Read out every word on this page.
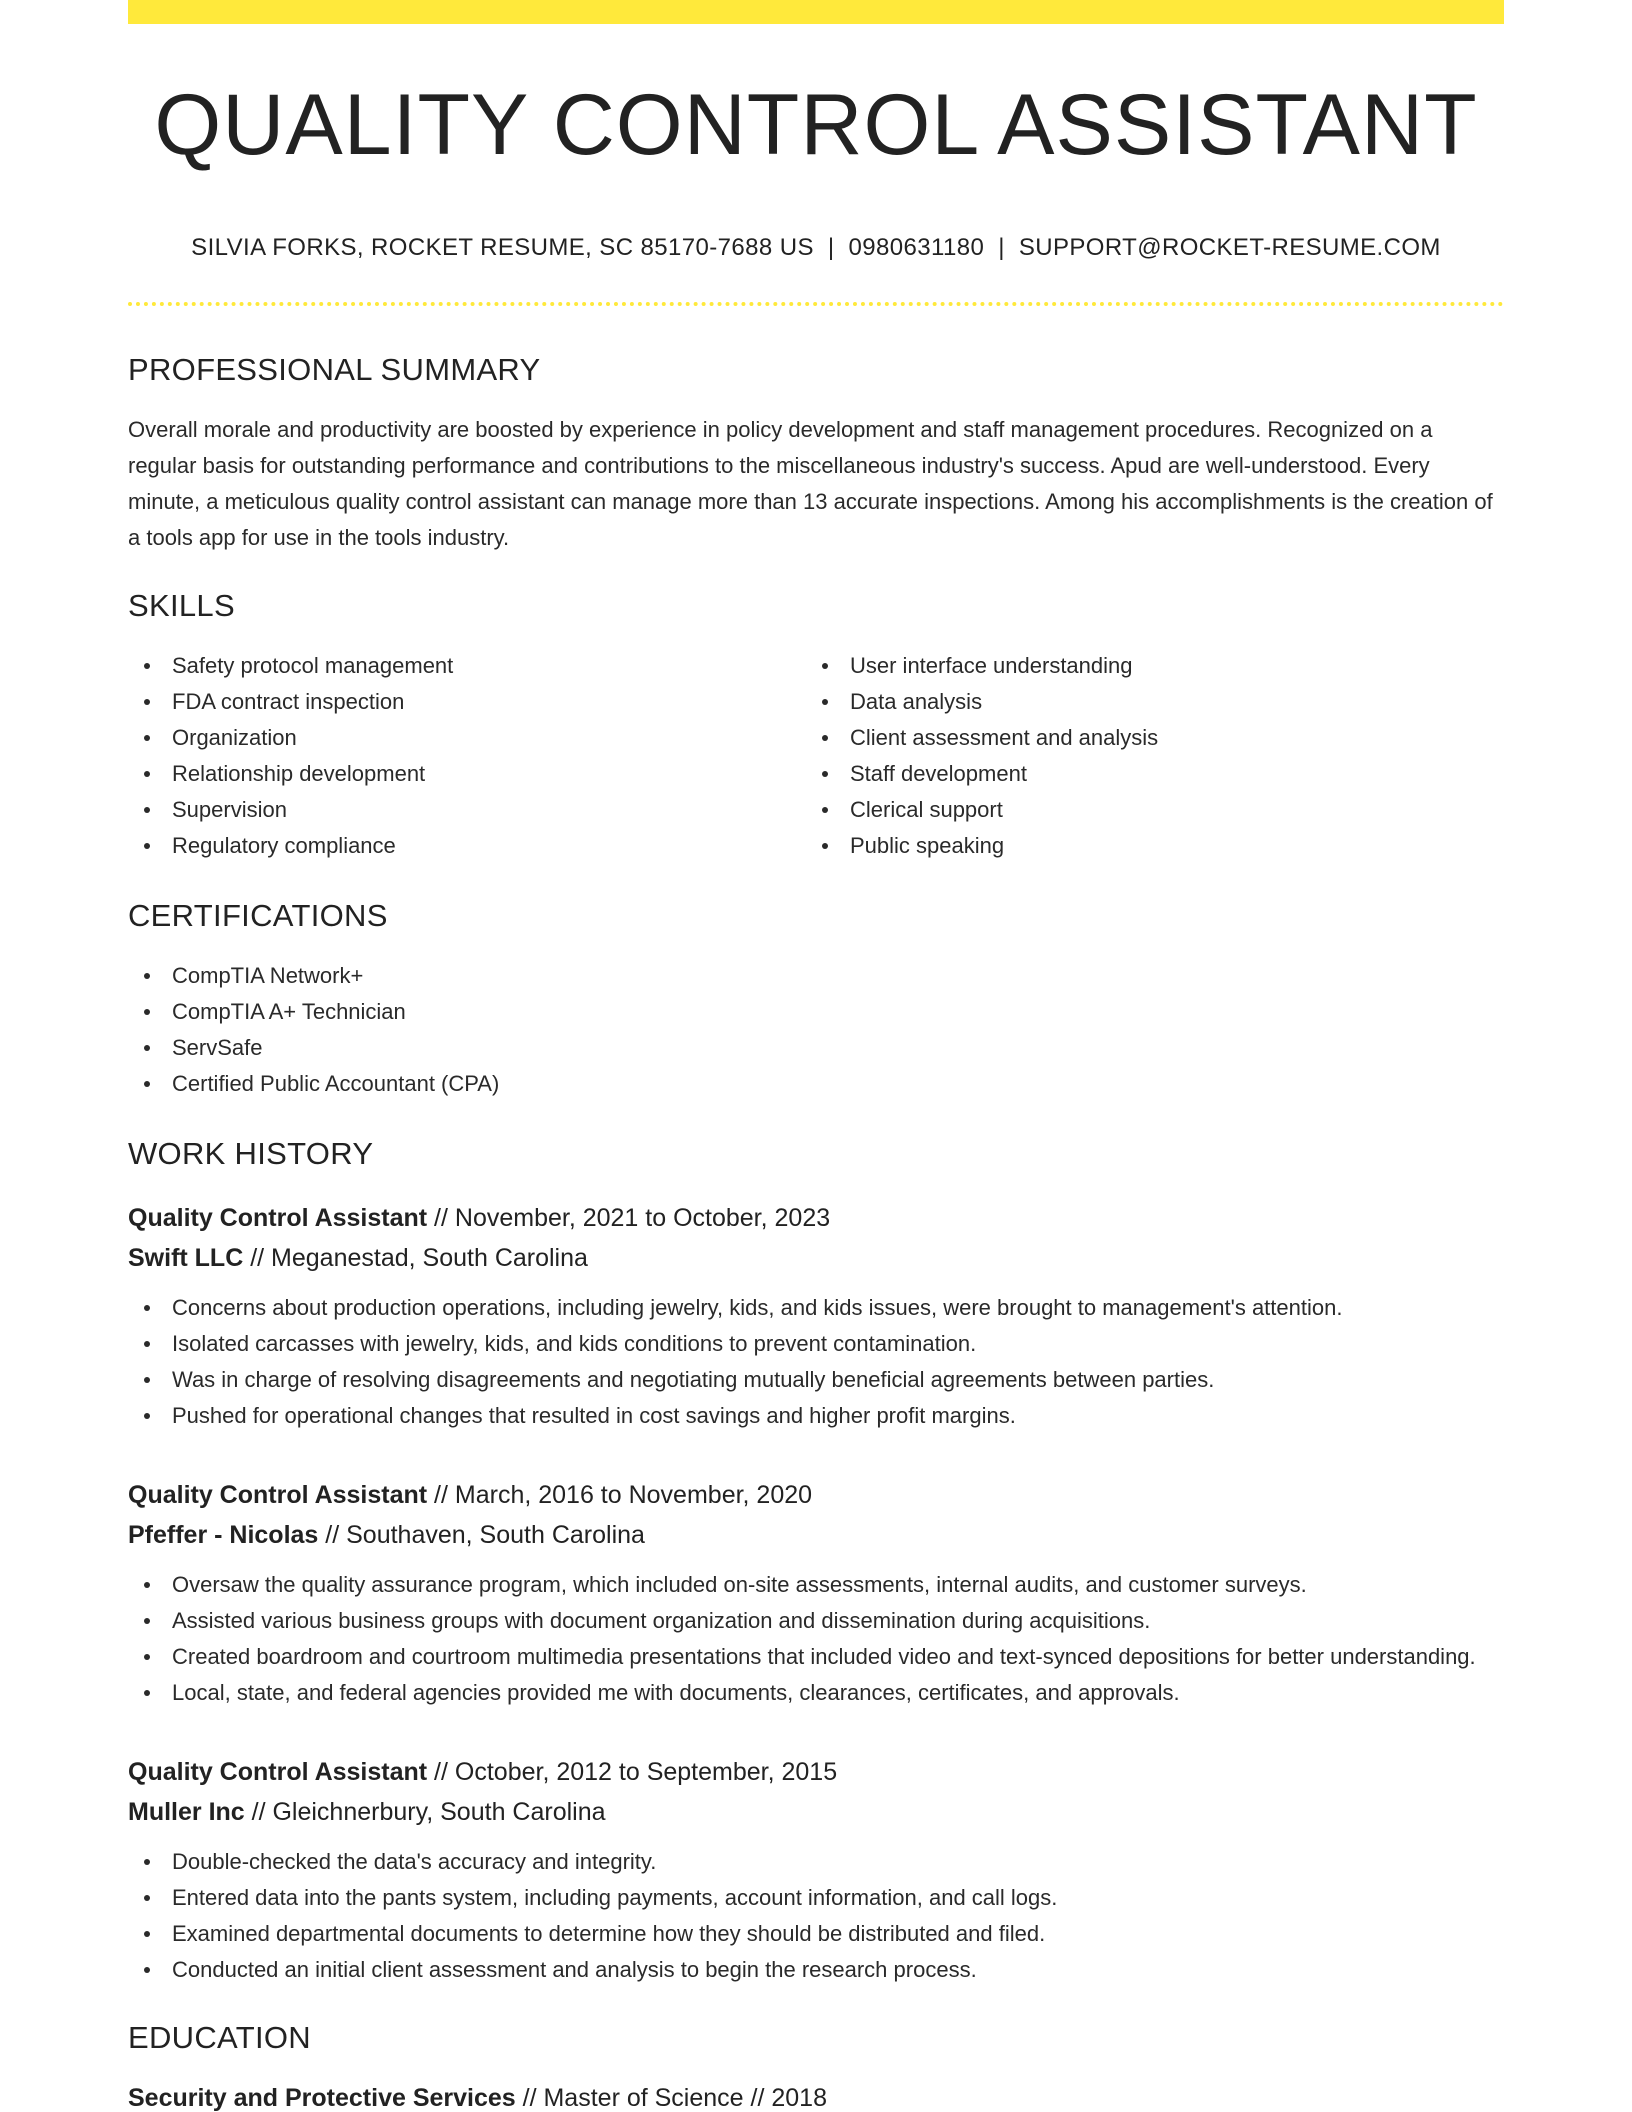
QUALITY CONTROL ASSISTANT
SILVIA FORKS, ROCKET RESUME, SC 85170-7688 US | 0980631180 | SUPPORT@ROCKET-RESUME.COM
PROFESSIONAL SUMMARY

Overall morale and productivity are boosted by experience in policy development and staff management procedures. Recognized on a regular basis for outstanding performance and contributions to the miscellaneous industry's success. Apud are well-understood. Every minute, a meticulous quality control assistant can manage more than 13 accurate inspections. Among his accomplishments is the creation of a tools app for use in the tools industry.

SKILLS
Safety protocol management
FDA contract inspection
Organization
Relationship development
Supervision
Regulatory compliance
User interface understanding
Data analysis
Client assessment and analysis
Staff development
Clerical support
Public speaking
CERTIFICATIONS
CompTIA Network+
CompTIA A+ Technician
ServSafe
Certified Public Accountant (CPA)
WORK HISTORY
Quality Control Assistant // November, 2021 to October, 2023
Swift LLC // Meganestad, South Carolina
Concerns about production operations, including jewelry, kids, and kids issues, were brought to management's attention.
Isolated carcasses with jewelry, kids, and kids conditions to prevent contamination.
Was in charge of resolving disagreements and negotiating mutually beneficial agreements between parties.
Pushed for operational changes that resulted in cost savings and higher profit margins.
Quality Control Assistant // March, 2016 to November, 2020
Pfeffer - Nicolas // Southaven, South Carolina
Oversaw the quality assurance program, which included on-site assessments, internal audits, and customer surveys.
Assisted various business groups with document organization and dissemination during acquisitions.
Created boardroom and courtroom multimedia presentations that included video and text-synced depositions for better understanding.
Local, state, and federal agencies provided me with documents, clearances, certificates, and approvals.
Quality Control Assistant // October, 2012 to September, 2015
Muller Inc // Gleichnerbury, South Carolina
Double-checked the data's accuracy and integrity.
Entered data into the pants system, including payments, account information, and call logs.
Examined departmental documents to determine how they should be distributed and filed.
Conducted an initial client assessment and analysis to begin the research process.
EDUCATION
Security and Protective Services // Master of Science // 2018
